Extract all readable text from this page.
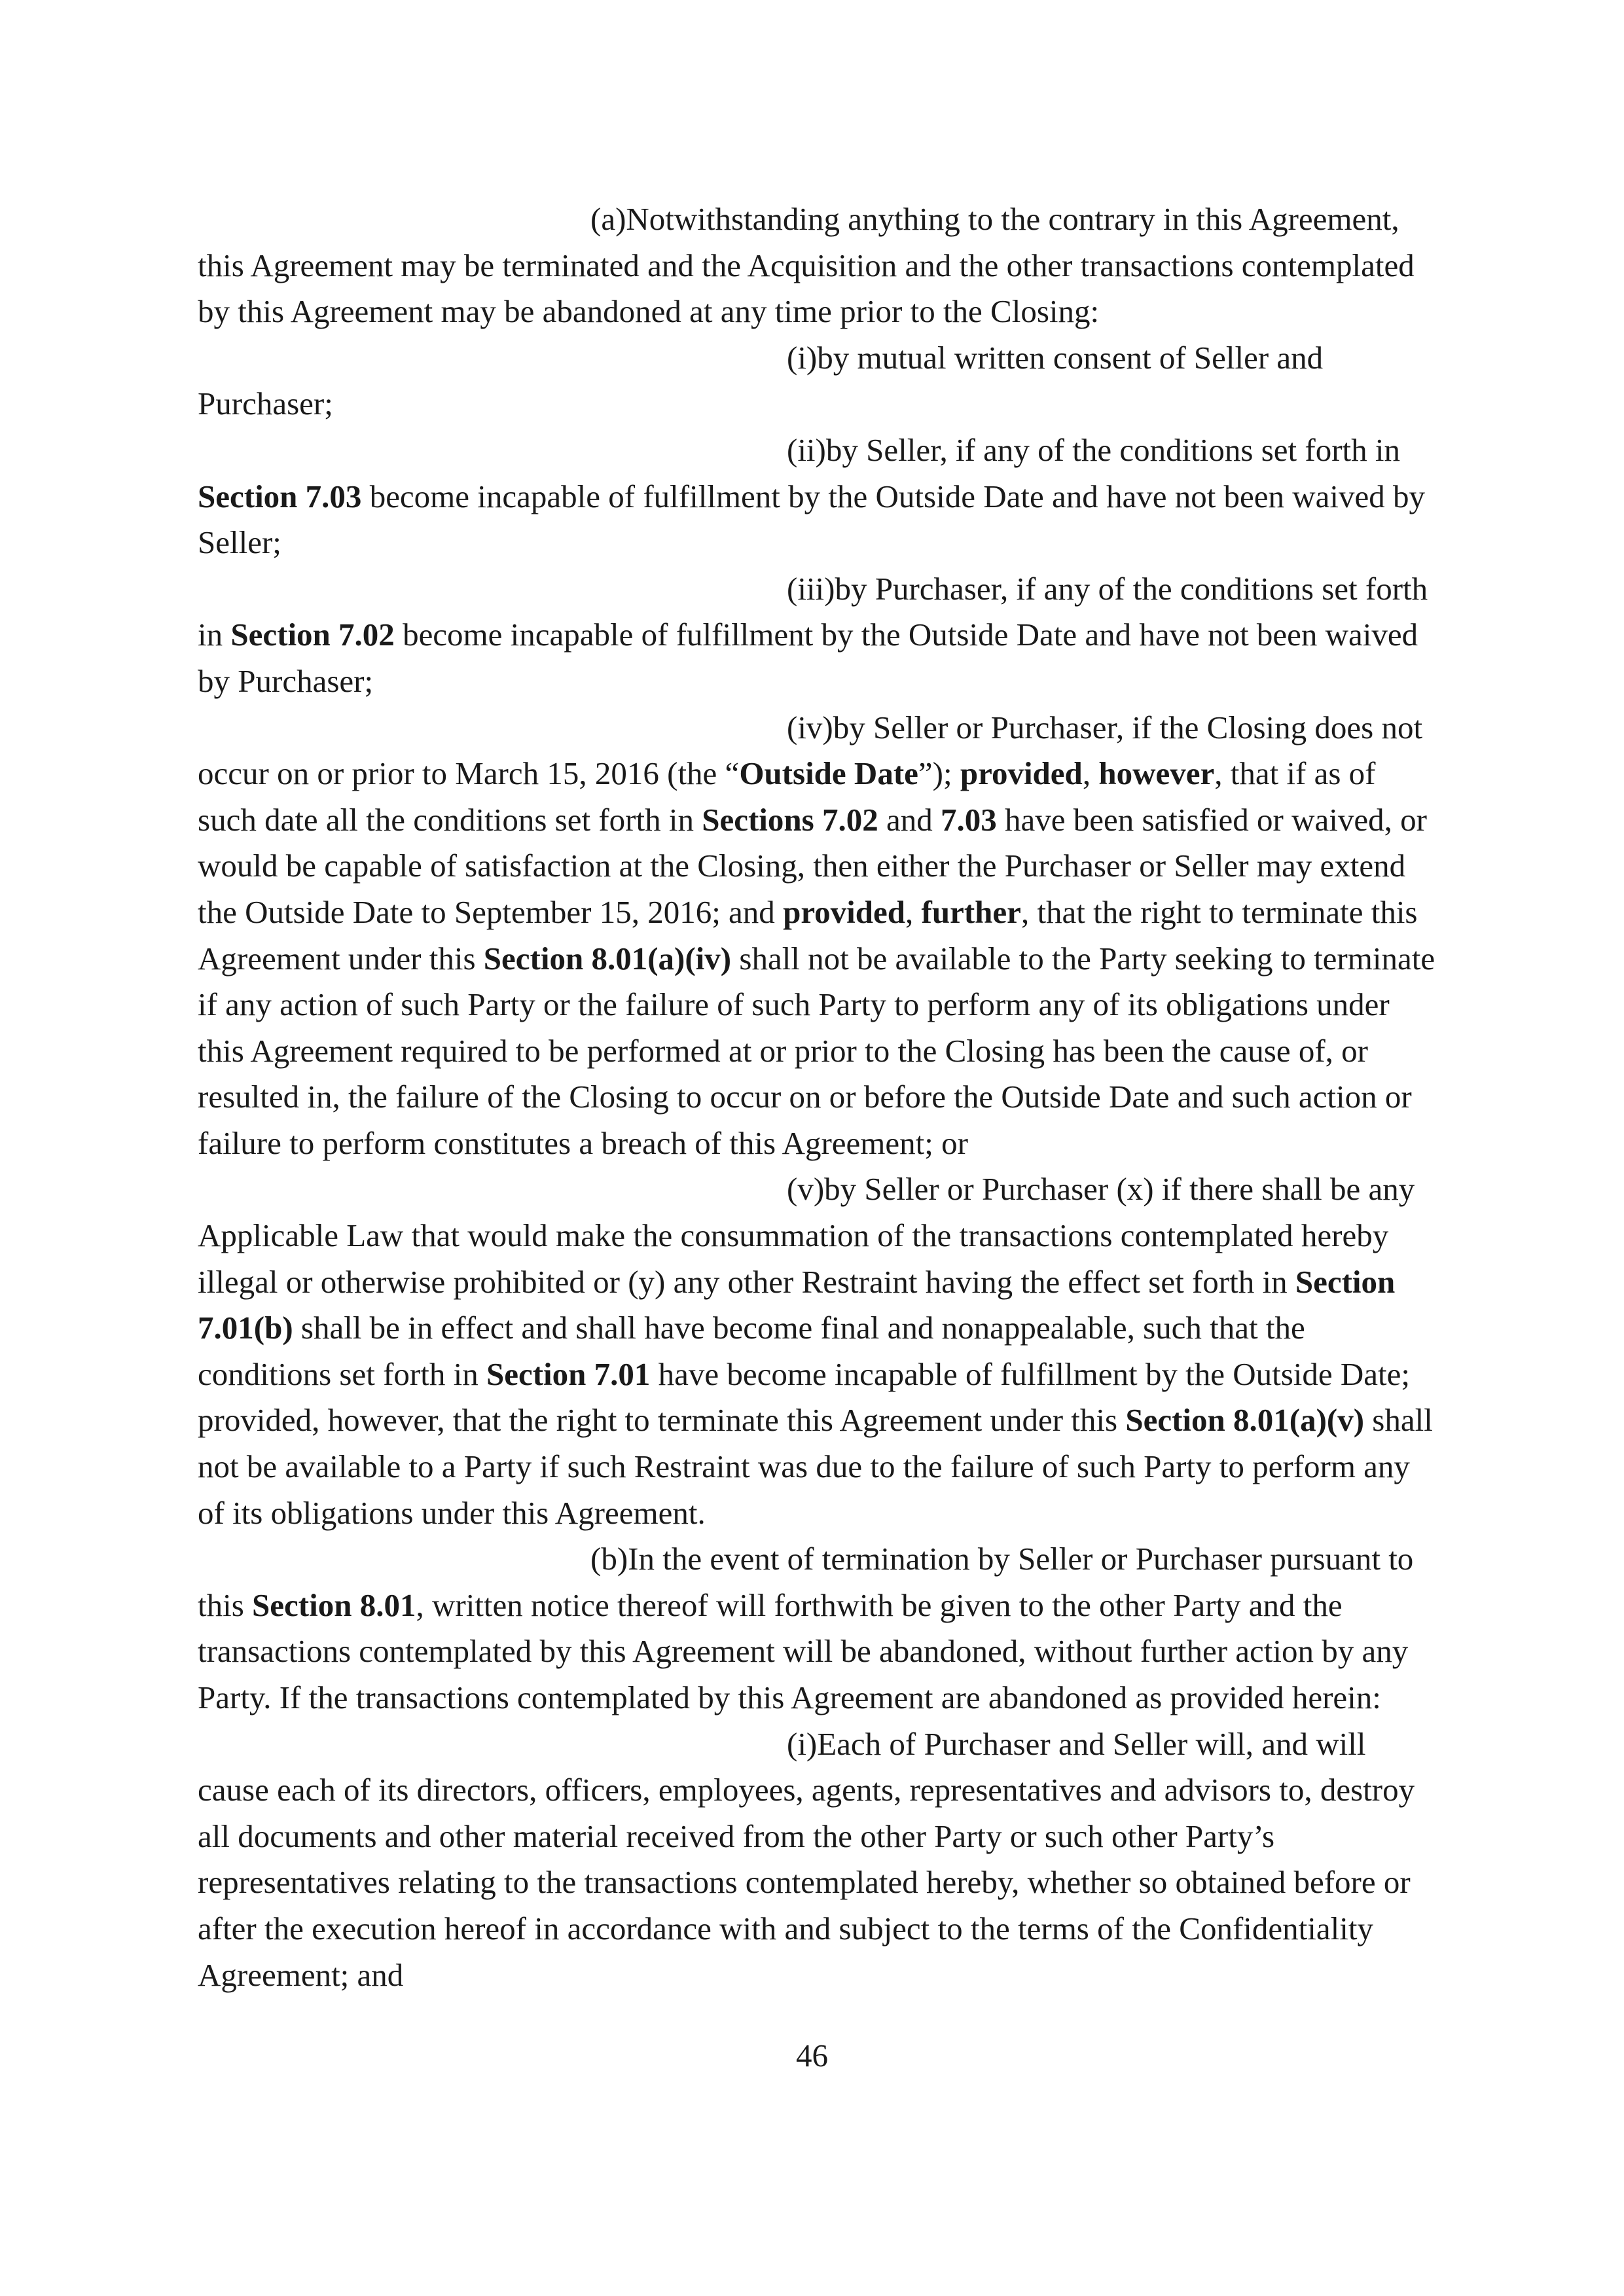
(a)Notwithstanding anything to the contrary in this Agreement, this Agreement may be terminated and the Acquisition and the other transactions contemplated by this Agreement may be abandoned at any time prior to the Closing:

(i)by mutual written consent of Seller and Purchaser;

(ii)by Seller, if any of the conditions set forth in Section 7.03 become incapable of fulfillment by the Outside Date and have not been waived by Seller;

(iii)by Purchaser, if any of the conditions set forth in Section 7.02 become incapable of fulfillment by the Outside Date and have not been waived by Purchaser;

(iv)by Seller or Purchaser, if the Closing does not occur on or prior to March 15, 2016 (the “Outside Date”); provided, however, that if as of such date all the conditions set forth in Sections 7.02 and 7.03 have been satisfied or waived, or would be capable of satisfaction at the Closing, then either the Purchaser or Seller may extend the Outside Date to September 15, 2016; and provided, further, that the right to terminate this Agreement under this Section 8.01(a)(iv) shall not be available to the Party seeking to terminate if any action of such Party or the failure of such Party to perform any of its obligations under this Agreement required to be performed at or prior to the Closing has been the cause of, or resulted in, the failure of the Closing to occur on or before the Outside Date and such action or failure to perform constitutes a breach of this Agreement; or

(v)by Seller or Purchaser (x) if there shall be any Applicable Law that would make the consummation of the transactions contemplated hereby illegal or otherwise prohibited or (y) any other Restraint having the effect set forth in Section 7.01(b) shall be in effect and shall have become final and nonappealable, such that the conditions set forth in Section 7.01 have become incapable of fulfillment by the Outside Date; provided, however, that the right to terminate this Agreement under this Section 8.01(a)(v) shall not be available to a Party if such Restraint was due to the failure of such Party to perform any of its obligations under this Agreement.

(b)In the event of termination by Seller or Purchaser pursuant to this Section 8.01, written notice thereof will forthwith be given to the other Party and the transactions contemplated by this Agreement will be abandoned, without further action by any Party. If the transactions contemplated by this Agreement are abandoned as provided herein:

(i)Each of Purchaser and Seller will, and will cause each of its directors, officers, employees, agents, representatives and advisors to, destroy all documents and other material received from the other Party or such other Party’s representatives relating to the transactions contemplated hereby, whether so obtained before or after the execution hereof in accordance with and subject to the terms of the Confidentiality Agreement; and

46
